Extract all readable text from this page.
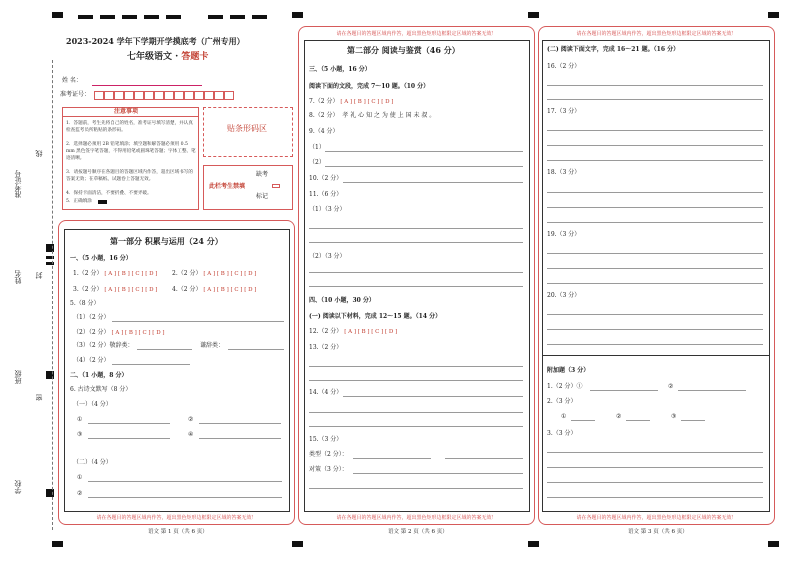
准考证号
线
姓名 封
班级
密
学校
2023-2024 学年下学期开学摸底考（广州专用）
七年级语文 · 答题卡
姓 名：
准考证号：
注意事项
1．答题前，考生先将自己的姓名，准考证号填写清楚，并认真检查监考员所粘贴的条形码。
2．选择题必须用 2B 铅笔填涂；填空题和解答题必须用 0.5 mm 黑色签字笔答题，不得用铅笔或圆珠笔答题；字体工整、笔迹清晰。
3．请按题号顺序在各题目的答题区域内作答，超出区域书写的答案无效；在草稿纸、试题卷上答题无效。
4．保持卡面清洁，不要折叠、不要弄破。
5．正确填涂
贴条形码区
缺考
此栏考生禁填
标记
第一部分 积累与运用（24 分）
一、（5 小题，16 分）
1.（2 分） [ A ] [ B ] [ C ] [ D ] 2.（2 分） [ A ] [ B ] [ C ] [ D ]
3.（2 分） [ A ] [ B ] [ C ] [ D ] 4.（2 分） [ A ] [ B ] [ C ] [ D ]
5.（8 分）
（1）（2 分）
（2）（2 分） [ A ] [ B ] [ C ] [ D ]
（3）（2 分）敬辞类：	谦辞类：
（4）（2 分）
二、（1 小题，8 分）
6. 古诗文默写（8 分）
（一）（4 分）
①	②
③	④
（二）（4 分）
①
②
请在各题目的答题区域内作答，超出黑色矩形边框限定区域的答案无效！
语文 第 1 页（共 6 页）
请在各题目的答题区域内作答，超出黑色矩形边框限定区域的答案无效！
第二部分 阅读与鉴赏（46 分）
三、（5 小题，16 分）
阅读下面的文段，完成 7～10 题。（10 分）
7.（2 分） [ A ] [ B ] [ C ] [ D ]
8.（2 分） 孝 礼 心 知 之 为 使 上 国 未 叔 。
9.（4 分）
（1）
（2）
10.（2 分）
11.（6 分）
（1）（3 分）
（2）（3 分）
四、（10 小题，30 分）
(一) 阅读以下材料，完成 12～15 题。（14 分）
12.（2 分） [ A ] [ B ] [ C ] [ D ]
13.（2 分）
14.（4 分）
15.（3 分）
类型（2 分）：
对策（3 分）：
请在各题目的答题区域内作答，超出黑色矩形边框限定区域的答案无效！
语文 第 2 页（共 6 页）
请在各题目的答题区域内作答，超出黑色矩形边框限定区域的答案无效！
(二) 阅读下面文字，完成 16～21 题。（16 分）
16.（2 分）
17.（3 分）
18.（3 分）
19.（3 分）
20.（3 分）
附加题（3 分）
1.（2 分）①	②
2.（3 分）
①	②	③
3.（3 分）
请在各题目的答题区域内作答，超出黑色矩形边框限定区域的答案无效！
语文 第 3 页（共 6 页）
